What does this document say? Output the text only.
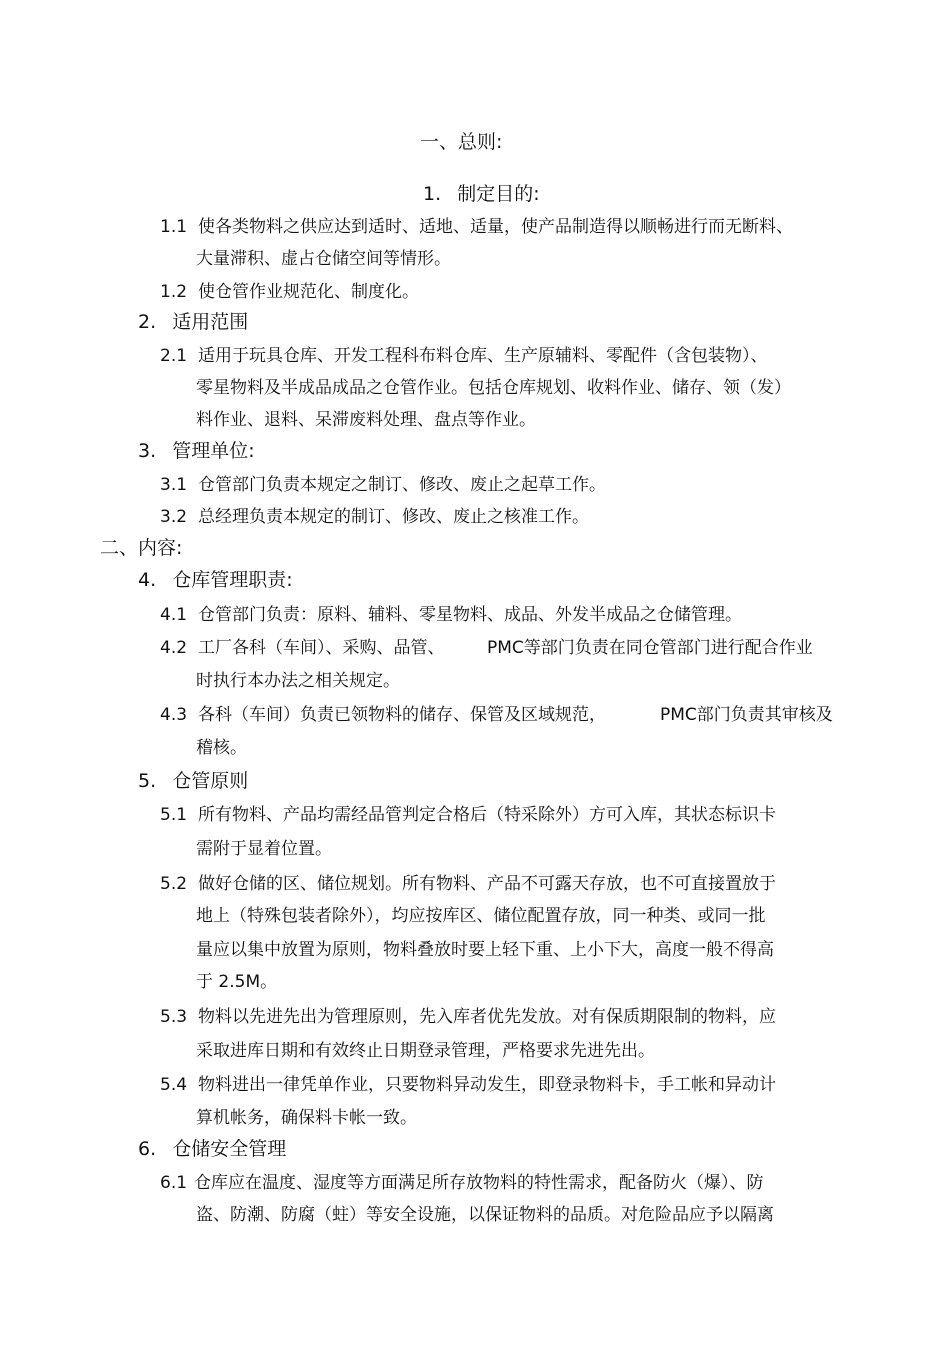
一、总则:
1. 制定目的:
1.1 使各类物料之供应达到适时、适地、适量，使产品制造得以顺畅进行而无断料、
大量滞积、虚占仓储空间等情形。
1.2 使仓管作业规范化、制度化。
2. 适用范围
2.1 适用于玩具仓库、开发工程科布料仓库、生产原辅料、零配件（含包装物）、
零星物料及半成品成品之仓管作业。包括仓库规划、收料作业、储存、领（发）
料作业、退料、呆滞废料处理、盘点等作业。
3. 管理单位:
3.1 仓管部门负责本规定之制订、修改、废止之起草工作。
3.2 总经理负责本规定的制订、修改、废止之核准工作。
二、内容:
4. 仓库管理职责:
4.1 仓管部门负责：原料、辅料、零星物料、成品、外发半成品之仓储管理。
4.2 工厂各科（车间）、采购、品管、	PMC等部门负责在同仓管部门进行配合作业
时执行本办法之相关规定。
4.3 各科（车间）负责已领物料的储存、保管及区域规范，	PMC部门负责其审核及
稽核。
5. 仓管原则
5.1 所有物料、产品均需经品管判定合格后（特采除外）方可入库，其状态标识卡
需附于显着位置。
5.2 做好仓储的区、储位规划。所有物料、产品不可露天存放，也不可直接置放于
地上（特殊包装者除外），均应按库区、储位配置存放，同一种类、或同一批
量应以集中放置为原则，物料叠放时要上轻下重、上小下大，高度一般不得高
于 2.5M。
5.3 物料以先进先出为管理原则，先入库者优先发放。对有保质期限制的物料，应
采取进库日期和有效终止日期登录管理，严格要求先进先出。
5.4 物料进出一律凭单作业，只要物料异动发生，即登录物料卡，手工帐和异动计
算机帐务，确保料卡帐一致。
6. 仓储安全管理
6.1 仓库应在温度、湿度等方面满足所存放物料的特性需求，配备防火（爆）、防
盗、防潮、防腐（蛀）等安全设施，以保证物料的品质。对危险品应予以隔离
